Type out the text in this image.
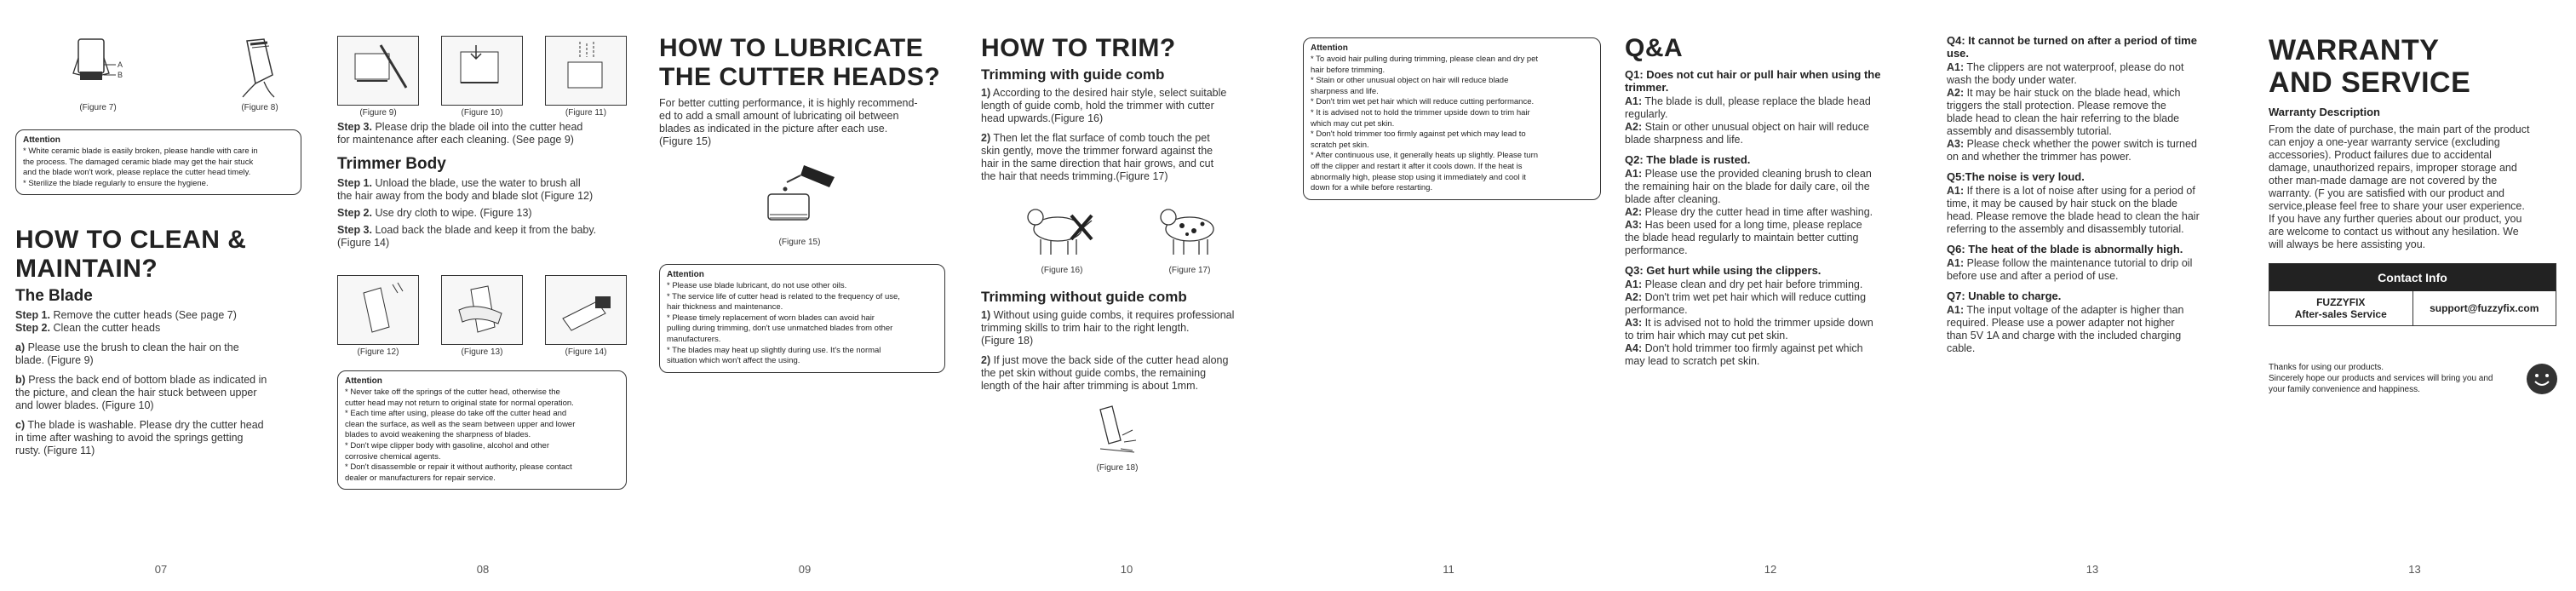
A
B
(Figure 7)	(Figure 8)
Attention
* White ceramic blade is easily broken, please handle with care in
the process. The damaged ceramic blade may get the hair stuck
and the blade won't work, please replace the cutter head timely.
* Sterilize the blade regularly to ensure the hygiene.
HOW TO CLEAN &
MAINTAIN?
The Blade
Step 1. Remove the cutter heads (See page 7)
Step 2. Clean the cutter heads
a) Please use the brush to clean the hair on the
blade. (Figure 9)
b) Press the back end of bottom blade as indicated in
the picture, and clean the hair stuck between upper
and lower blades. (Figure 10)
c) The blade is washable. Please dry the cutter head
in time after washing to avoid the springs getting
rusty. (Figure 11)
07
(Figure 9)	(Figure 10)	(Figure 11)
Step 3. Please drip the blade oil into the cutter head
for maintenance after each cleaning. (See page 9)
Trimmer Body
Step 1. Unload the blade, use the water to brush all
the hair away from the body and blade slot (Figure 12)
Step 2. Use dry cloth to wipe. (Figure 13)
Step 3. Load back the blade and keep it from the baby.
(Figure 14)
(Figure 12)	(Figure 13)	(Figure 14)
Attention
* Never take off the springs of the cutter head, otherwise the
cutter head may not return to original state for normal operation.
* Each time after using, please do take off the cutter head and
clean the surface, as well as the seam between upper and lower
blades to avoid weakening the sharpness of blades.
* Don't wipe clipper body with gasoline, alcohol and other
corrosive chemical agents.
* Don't disassemble or repair it without authority, please contact
dealer or manufacturers for repair service.
08
HOW TO LUBRICATE
THE CUTTER HEADS?
For better cutting performance, it is highly recommend-
ed to add a small amount of lubricating oil between
blades as indicated in the picture after each use.
(Figure 15)
(Figure 15)
Attention
* Please use blade lubricant, do not use other oils.
* The service life of cutter head is related to the frequency of use,
hair thickness and maintenance.
* Please timely replacement of worn blades can avoid hair
pulling during trimming, don't use unmatched blades from other
manufacturers.
* The blades may heat up slightly during use. It's the normal
situation which won't affect the using.
09
HOW TO TRIM?
Trimming with guide comb
1) According to the desired hair style, select suitable
length of guide comb, hold the trimmer with cutter
head upwards.(Figure 16)
2) Then let the flat surface of comb touch the pet
skin gently, move the trimmer forward against the
hair in the same direction that hair grows, and cut
the hair that needs trimming.(Figure 17)
(Figure 16)	(Figure 17)
Trimming without guide comb
1) Without using guide combs, it requires professional
trimming skills to trim hair to the right length.
(Figure 18)
2) If just move the back side of the cutter head along
the pet skin without guide combs, the remaining
length of the hair after trimming is about 1mm.
(Figure 18)
10
Attention
* To avoid hair pulling during trimming, please clean and dry pet
hair before trimming.
* Stain or other unusual object on hair will reduce blade
sharpness and life.
* Don't trim wet pet hair which will reduce cutting performance.
* It is advised not to hold the trimmer upside down to trim hair
which may cut pet skin.
* Don't hold trimmer too firmly against pet which may lead to
scratch pet skin.
* After continuous use, it generally heats up slightly. Please turn
off the clipper and restart it after it cools down. If the heat is
abnormally high, please stop using it immediately and cool it
down for a while before restarting.
11
Q&A
Q1: Does not cut hair or pull hair when using the
trimmer.
A1: The blade is dull, please replace the blade head
regularly.
A2: Stain or other unusual object on hair will reduce
blade sharpness and life.
Q2: The blade is rusted.
A1: Please use the provided cleaning brush to clean
the remaining hair on the blade for daily care, oil the
blade after cleaning.
A2: Please dry the cutter head in time after washing.
A3: Has been used for a long time, please replace
the blade head regularly to maintain better cutting
performance.
Q3: Get hurt while using the clippers.
A1: Please clean and dry pet hair before trimming.
A2: Don't trim wet pet hair which will reduce cutting
performance.
A3: It is advised not to hold the trimmer upside down
to trim hair which may cut pet skin.
A4: Don't hold trimmer too firmly against pet which
may lead to scratch pet skin.
12
Q4: It cannot be turned on after a period of time
use.
A1: The clippers are not waterproof, please do not
wash the body under water.
A2: It may be hair stuck on the blade head, which
triggers the stall protection. Please remove the
blade head to clean the hair referring to the blade
assembly and disassembly tutorial.
A3: Please check whether the power switch is turned
on and whether the trimmer has power.
Q5:The noise is very loud.
A1: If there is a lot of noise after using for a period of
time, it may be caused by hair stuck on the blade
head. Please remove the blade head to clean the hair
referring to the assembly and disassembly tutorial.
Q6: The heat of the blade is abnormally high.
A1: Please follow the maintenance tutorial to drip oil
before use and after a period of use.
Q7: Unable to charge.
A1: The input voltage of the adapter is higher than
required. Please use a power adapter not higher
than 5V 1A and charge with the included charging
cable.
13
WARRANTY
AND SERVICE
Warranty Description
From the date of purchase, the main part of the product
can enjoy a one-year warranty service (excluding
accessories). Product failures due to accidental
damage, unauthorized repairs, improper storage and
other man-made damage are not covered by the
warranty. (F you are satisfied with our product and
service,please feel free to share your user experience.
If you have any further queries about our product, you
are welcome to contact us without any hesilation. We
will always be here assisting you.
Contact Info
FUZZYFIX
After-sales Service	support@fuzzyfix.com
Thanks for using our products.
Sincerely hope our products and services will bring you and
your family convenience and happiness.
13
